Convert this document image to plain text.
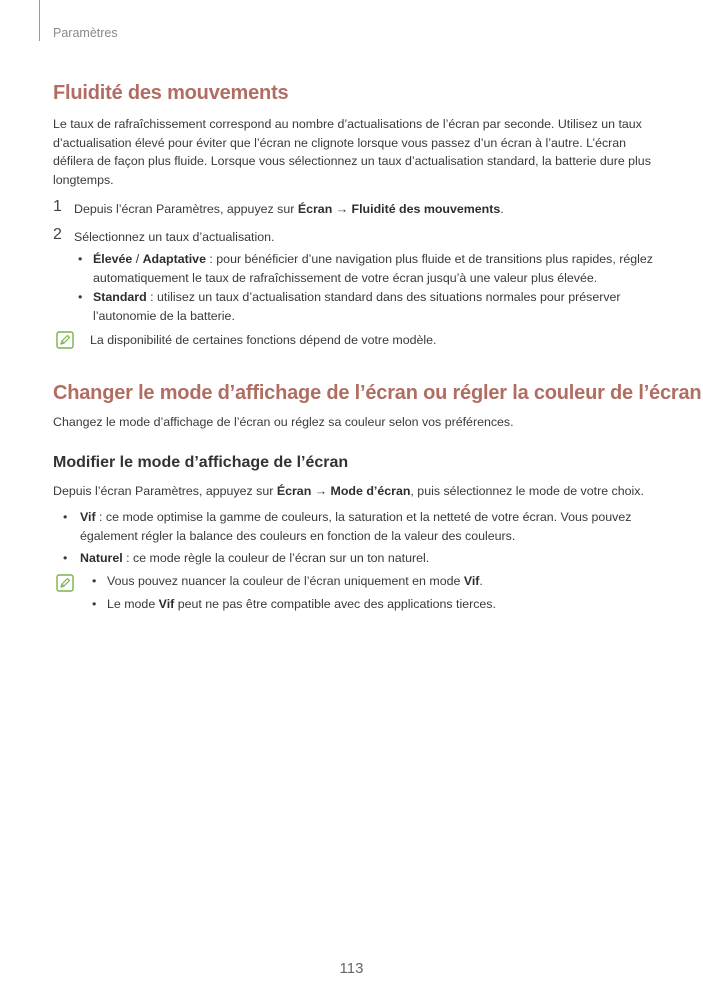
Paramètres
Fluidité des mouvements

Le taux de rafraîchissement correspond au nombre d’actualisations de l’écran par seconde. Utilisez un taux d’actualisation élevé pour éviter que l’écran ne clignote lorsque vous passez d’un écran à l’autre. L’écran défilera de façon plus fluide. Lorsque vous sélectionnez un taux d’actualisation standard, la batterie dure plus longtemps.

1 Depuis l’écran Paramètres, appuyez sur Écran → Fluidité des mouvements.
2 Sélectionnez un taux d’actualisation.
• Élevée / Adaptative : pour bénéficier d’une navigation plus fluide et de transitions plus rapides, réglez automatiquement le taux de rafraîchissement de votre écran jusqu’à une valeur plus élevée.
• Standard : utilisez un taux d’actualisation standard dans des situations normales pour préserver l’autonomie de la batterie.
La disponibilité de certaines fonctions dépend de votre modèle.
Changer le mode d’affichage de l’écran ou régler la couleur de l’écran

Changez le mode d’affichage de l’écran ou réglez sa couleur selon vos préférences.

Modifier le mode d’affichage de l’écran

Depuis l’écran Paramètres, appuyez sur Écran → Mode d’écran, puis sélectionnez le mode de votre choix.

• Vif : ce mode optimise la gamme de couleurs, la saturation et la netteté de votre écran. Vous pouvez également régler la balance des couleurs en fonction de la valeur des couleurs.
• Naturel : ce mode règle la couleur de l’écran sur un ton naturel.
• Vous pouvez nuancer la couleur de l’écran uniquement en mode Vif.
• Le mode Vif peut ne pas être compatible avec des applications tierces.
113
